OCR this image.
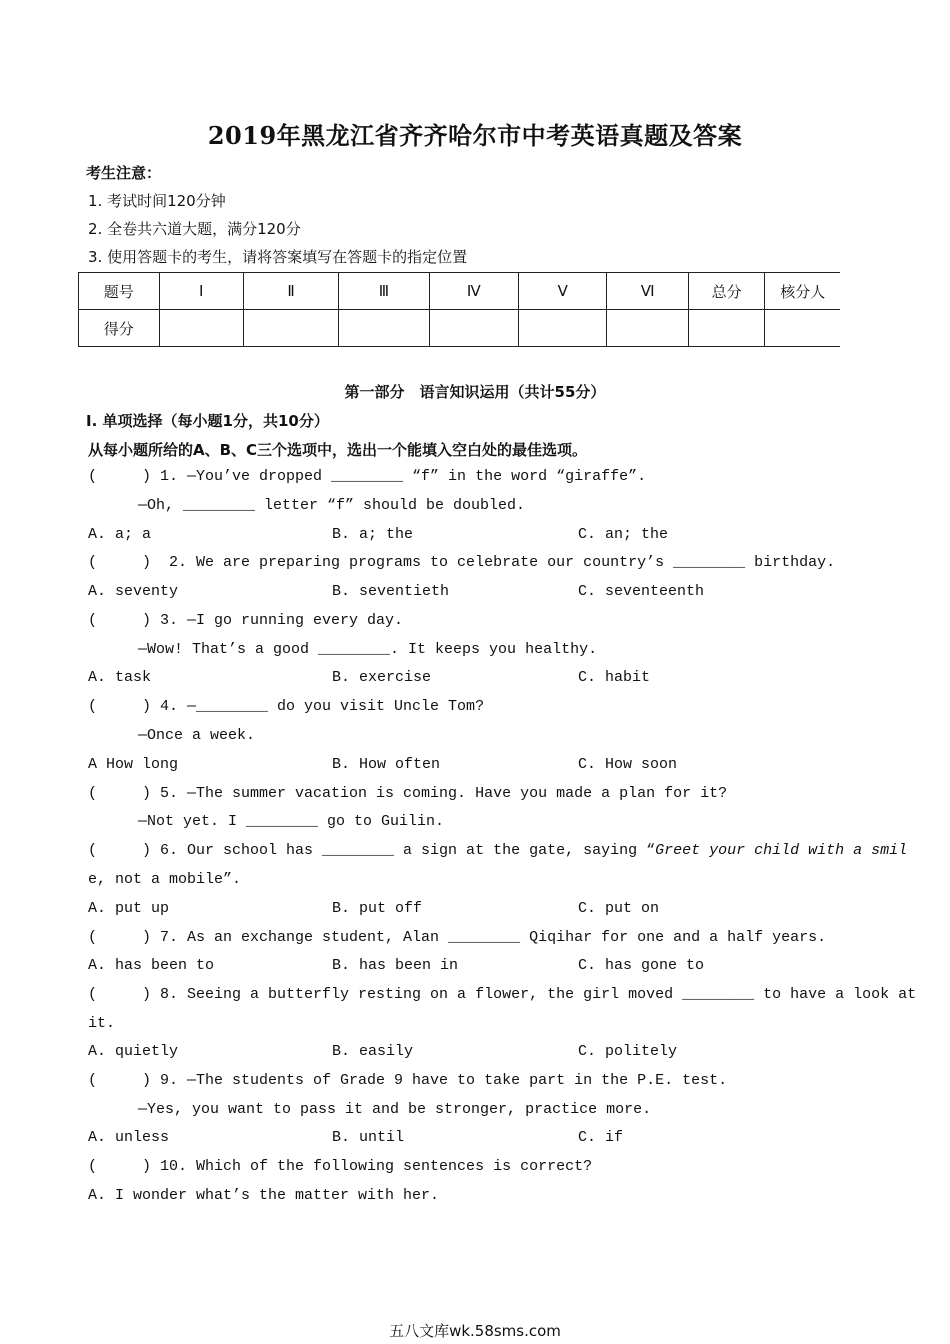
2019年黑龙江省齐齐哈尔市中考英语真题及答案
考生注意：
1. 考试时间120分钟
2. 全卷共六道大题，满分120分
3. 使用答题卡的考生，请将答案填写在答题卡的指定位置
题号	Ⅰ	Ⅱ	Ⅲ	Ⅳ	Ⅴ	Ⅵ	总分	核分人
得分								
第一部分　语言知识运用（共计55分）
Ⅰ. 单项选择（每小题1分，共10分）
从每小题所给的A、B、C三个选项中，选出一个能填入空白处的最佳选项。
(     ) 1. —You’ve dropped ________ “f” in the word “giraffe”.
—Oh, ________ letter “f” should be doubled.
A. a; a	B. a; the	C. an; the
(     )  2. We are preparing programs to celebrate our country’s ________ birthday.
A. seventy	B. seventieth	C. seventeenth
(     ) 3. —I go running every day.
—Wow! That’s a good ________. It keeps you healthy.
A. task	B. exercise	C. habit
(     ) 4. —________ do you visit Uncle Tom?
—Once a week.
A How long	B. How often	C. How soon
(     ) 5. —The summer vacation is coming. Have you made a plan for it?
—Not yet. I ________ go to Guilin.
(     ) 6. Our school has ________ a sign at the gate, saying “Greet your child with a smil
e, not a mobile”.
A. put up	B. put off	C. put on
(     ) 7. As an exchange student, Alan ________ Qiqihar for one and a half years.
A. has been to	B. has been in	C. has gone to
(     ) 8. Seeing a butterfly resting on a flower, the girl moved ________ to have a look at
it.
A. quietly	B. easily	C. politely
(     ) 9. —The students of Grade 9 have to take part in the P.E. test.
—Yes, you want to pass it and be stronger, practice more.
A. unless	B. until	C. if
(     ) 10. Which of the following sentences is correct?
A. I wonder what’s the matter with her.
五八文库wk.58sms.com
